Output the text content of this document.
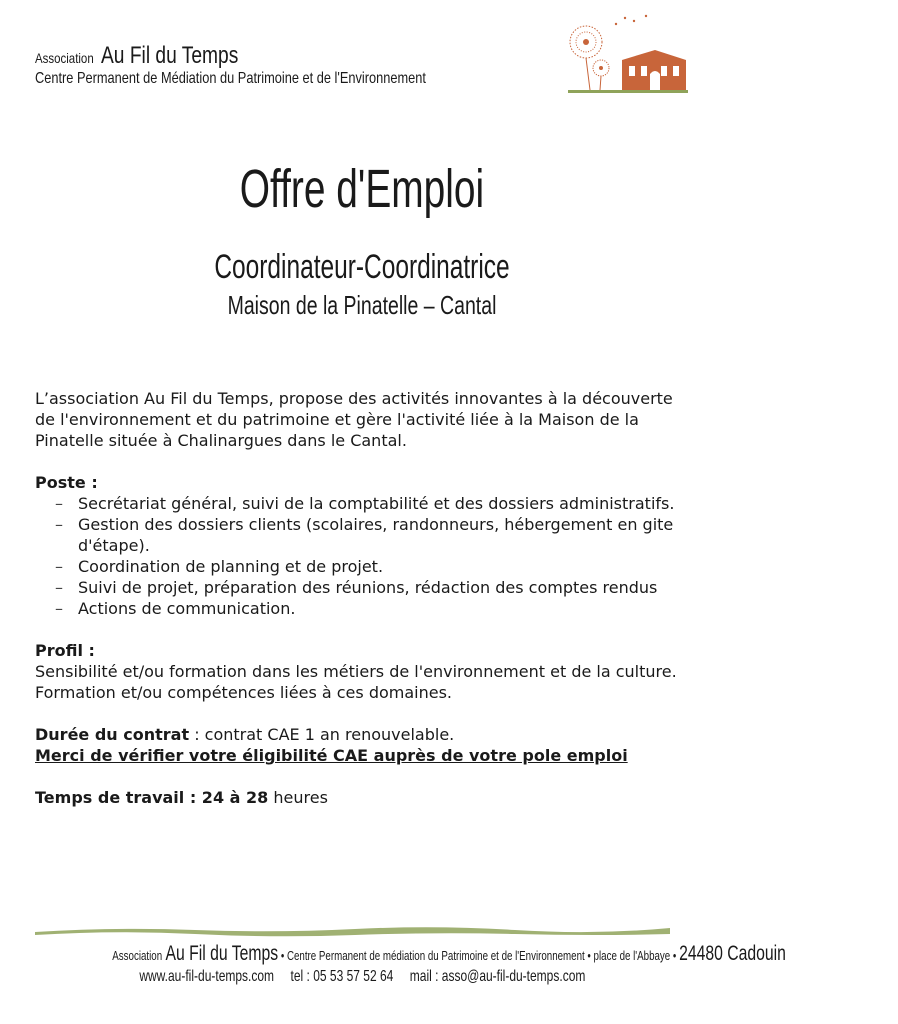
Association Au Fil du Temps
Centre Permanent de Médiation du Patrimoine et de l'Environnement
Offre d'Emploi
Coordinateur-Coordinatrice
Maison de la Pinatelle – Cantal

L’association Au Fil du Temps, propose des activités innovantes à la découverte de l'environnement et du patrimoine et gère l'activité liée à la Maison de la Pinatelle située à Chalinargues dans le Cantal.

Poste :

– Secrétariat général, suivi de la comptabilité et des dossiers administratifs.
– Gestion des dossiers clients (scolaires, randonneurs, hébergement en gite d'étape).
– Coordination de planning et de projet.
– Suivi de projet, préparation des réunions, rédaction des comptes rendus
– Actions de communication.

Profil :

Sensibilité et/ou formation dans les métiers de l'environnement et de la culture.

Formation et/ou compétences liées à ces domaines.

Durée du contrat : contrat CAE 1 an renouvelable.

Merci de vérifier votre éligibilité CAE auprès de votre pole emploi

Temps de travail : 24 à 28 heures

Association Au Fil du Temps • Centre Permanent de médiation du Patrimoine et de l'Environnement • place de l'Abbaye • 24480 Cadouin
www.au-fil-du-temps.com tel : 05 53 57 52 64 mail : asso@au-fil-du-temps.com
